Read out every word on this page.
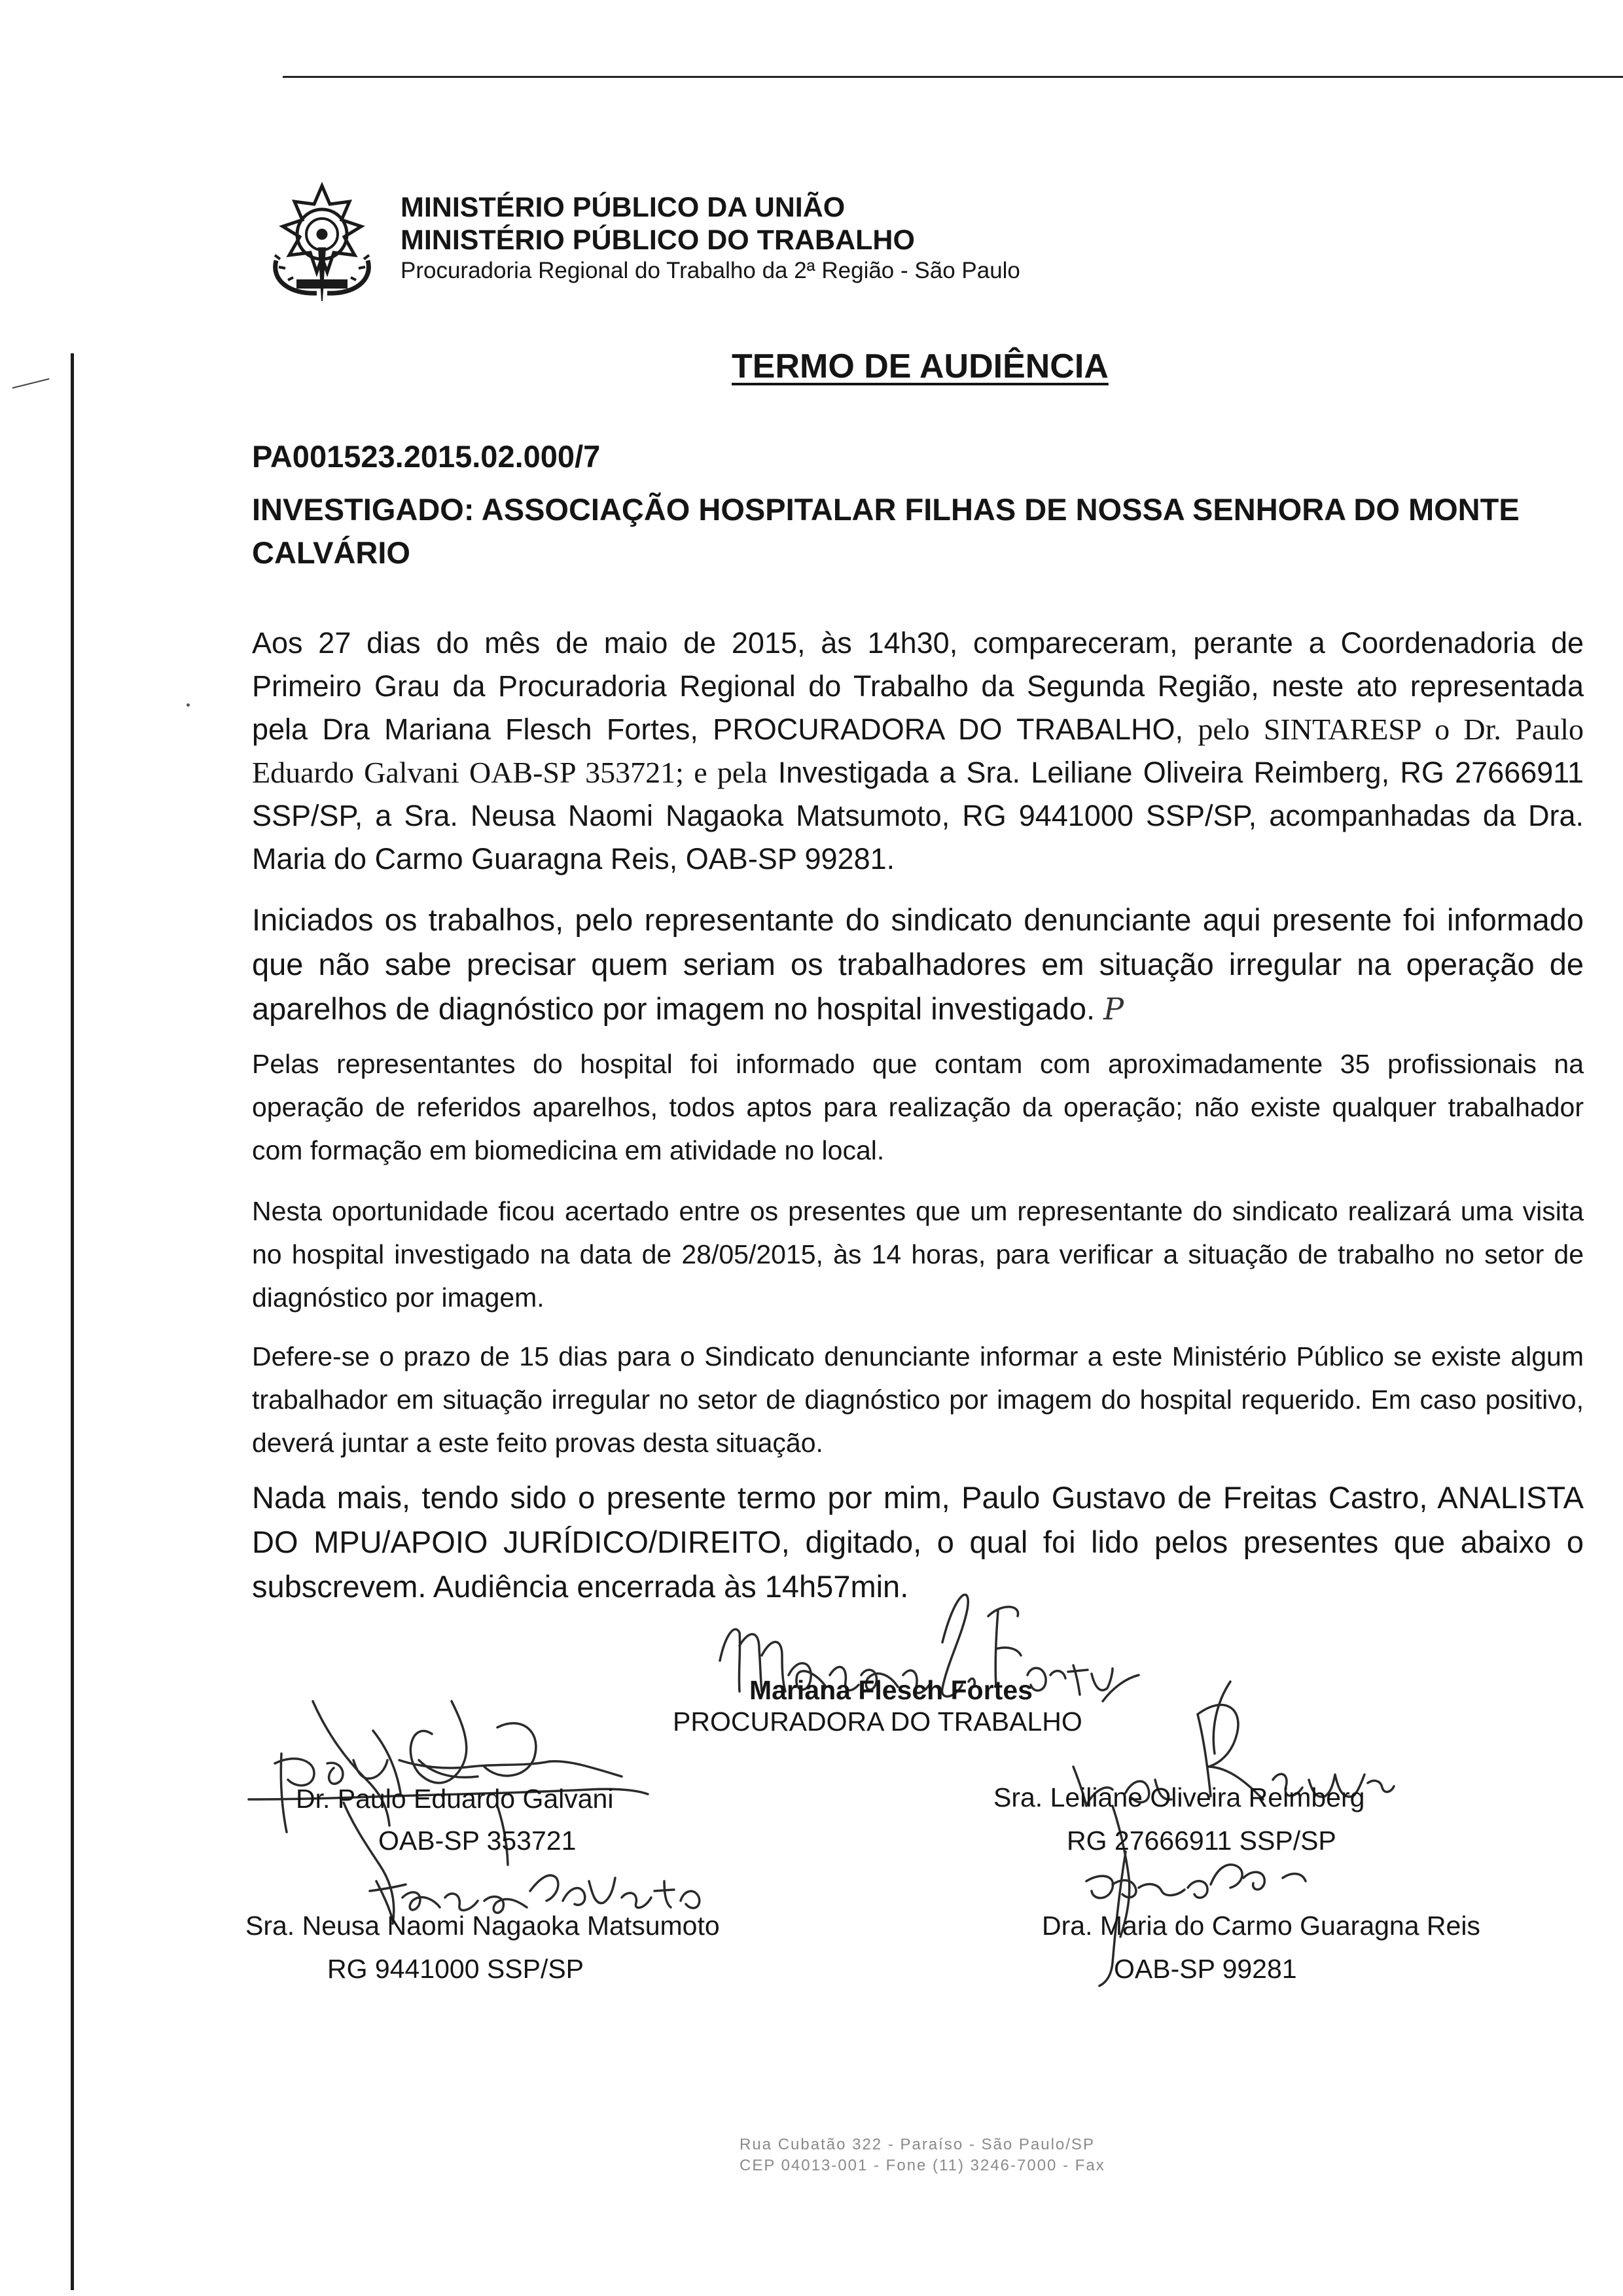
MINISTÉRIO PÚBLICO DA UNIÃO
MINISTÉRIO PÚBLICO DO TRABALHO
Procuradoria Regional do Trabalho da 2ª Região - São Paulo
TERMO DE AUDIÊNCIA
PA001523.2015.02.000/7
INVESTIGADO: ASSOCIAÇÃO HOSPITALAR FILHAS DE NOSSA SENHORA DO MONTE CALVÁRIO
Aos 27 dias do mês de maio de 2015, às 14h30, compareceram, perante a Coordenadoria de Primeiro Grau da Procuradoria Regional do Trabalho da Segunda Região, neste ato representada pela Dra Mariana Flesch Fortes, PROCURADORA DO TRABALHO, pelo SINTARESP o Dr. Paulo Eduardo Galvani OAB-SP 353721; e pela Investigada a Sra. Leiliane Oliveira Reimberg, RG 27666911 SSP/SP, a Sra. Neusa Naomi Nagaoka Matsumoto, RG 9441000 SSP/SP, acompanhadas da Dra. Maria do Carmo Guaragna Reis, OAB-SP 99281.
Iniciados os trabalhos, pelo representante do sindicato denunciante aqui presente foi informado que não sabe precisar quem seriam os trabalhadores em situação irregular na operação de aparelhos de diagnóstico por imagem no hospital investigado. P
Pelas representantes do hospital foi informado que contam com aproximadamente 35 profissionais na operação de referidos aparelhos, todos aptos para realização da operação; não existe qualquer trabalhador com formação em biomedicina em atividade no local.
Nesta oportunidade ficou acertado entre os presentes que um representante do sindicato realizará uma visita no hospital investigado na data de 28/05/2015, às 14 horas, para verificar a situação de trabalho no setor de diagnóstico por imagem.
Defere-se o prazo de 15 dias para o Sindicato denunciante informar a este Ministério Público se existe algum trabalhador em situação irregular no setor de diagnóstico por imagem do hospital requerido. Em caso positivo, deverá juntar a este feito provas desta situação.
Nada mais, tendo sido o presente termo por mim, Paulo Gustavo de Freitas Castro, ANALISTA DO MPU/APOIO JURÍDICO/DIREITO, digitado, o qual foi lido pelos presentes que abaixo o subscrevem. Audiência encerrada às 14h57min.
Mariana Flesch Fortes
PROCURADORA DO TRABALHO
Dr. Paulo Eduardo Galvani
OAB-SP 353721
Sra. Leiliane Oliveira Reimberg
RG 27666911 SSP/SP
Sra. Neusa Naomi Nagaoka Matsumoto
RG 9441000 SSP/SP
Dra. Maria do Carmo Guaragna Reis
OAB-SP 99281
Rua Cubatão 322 - Paraíso - São Paulo/SP
CEP 04013-001 - Fone (11) 3246-7000 - Fax
